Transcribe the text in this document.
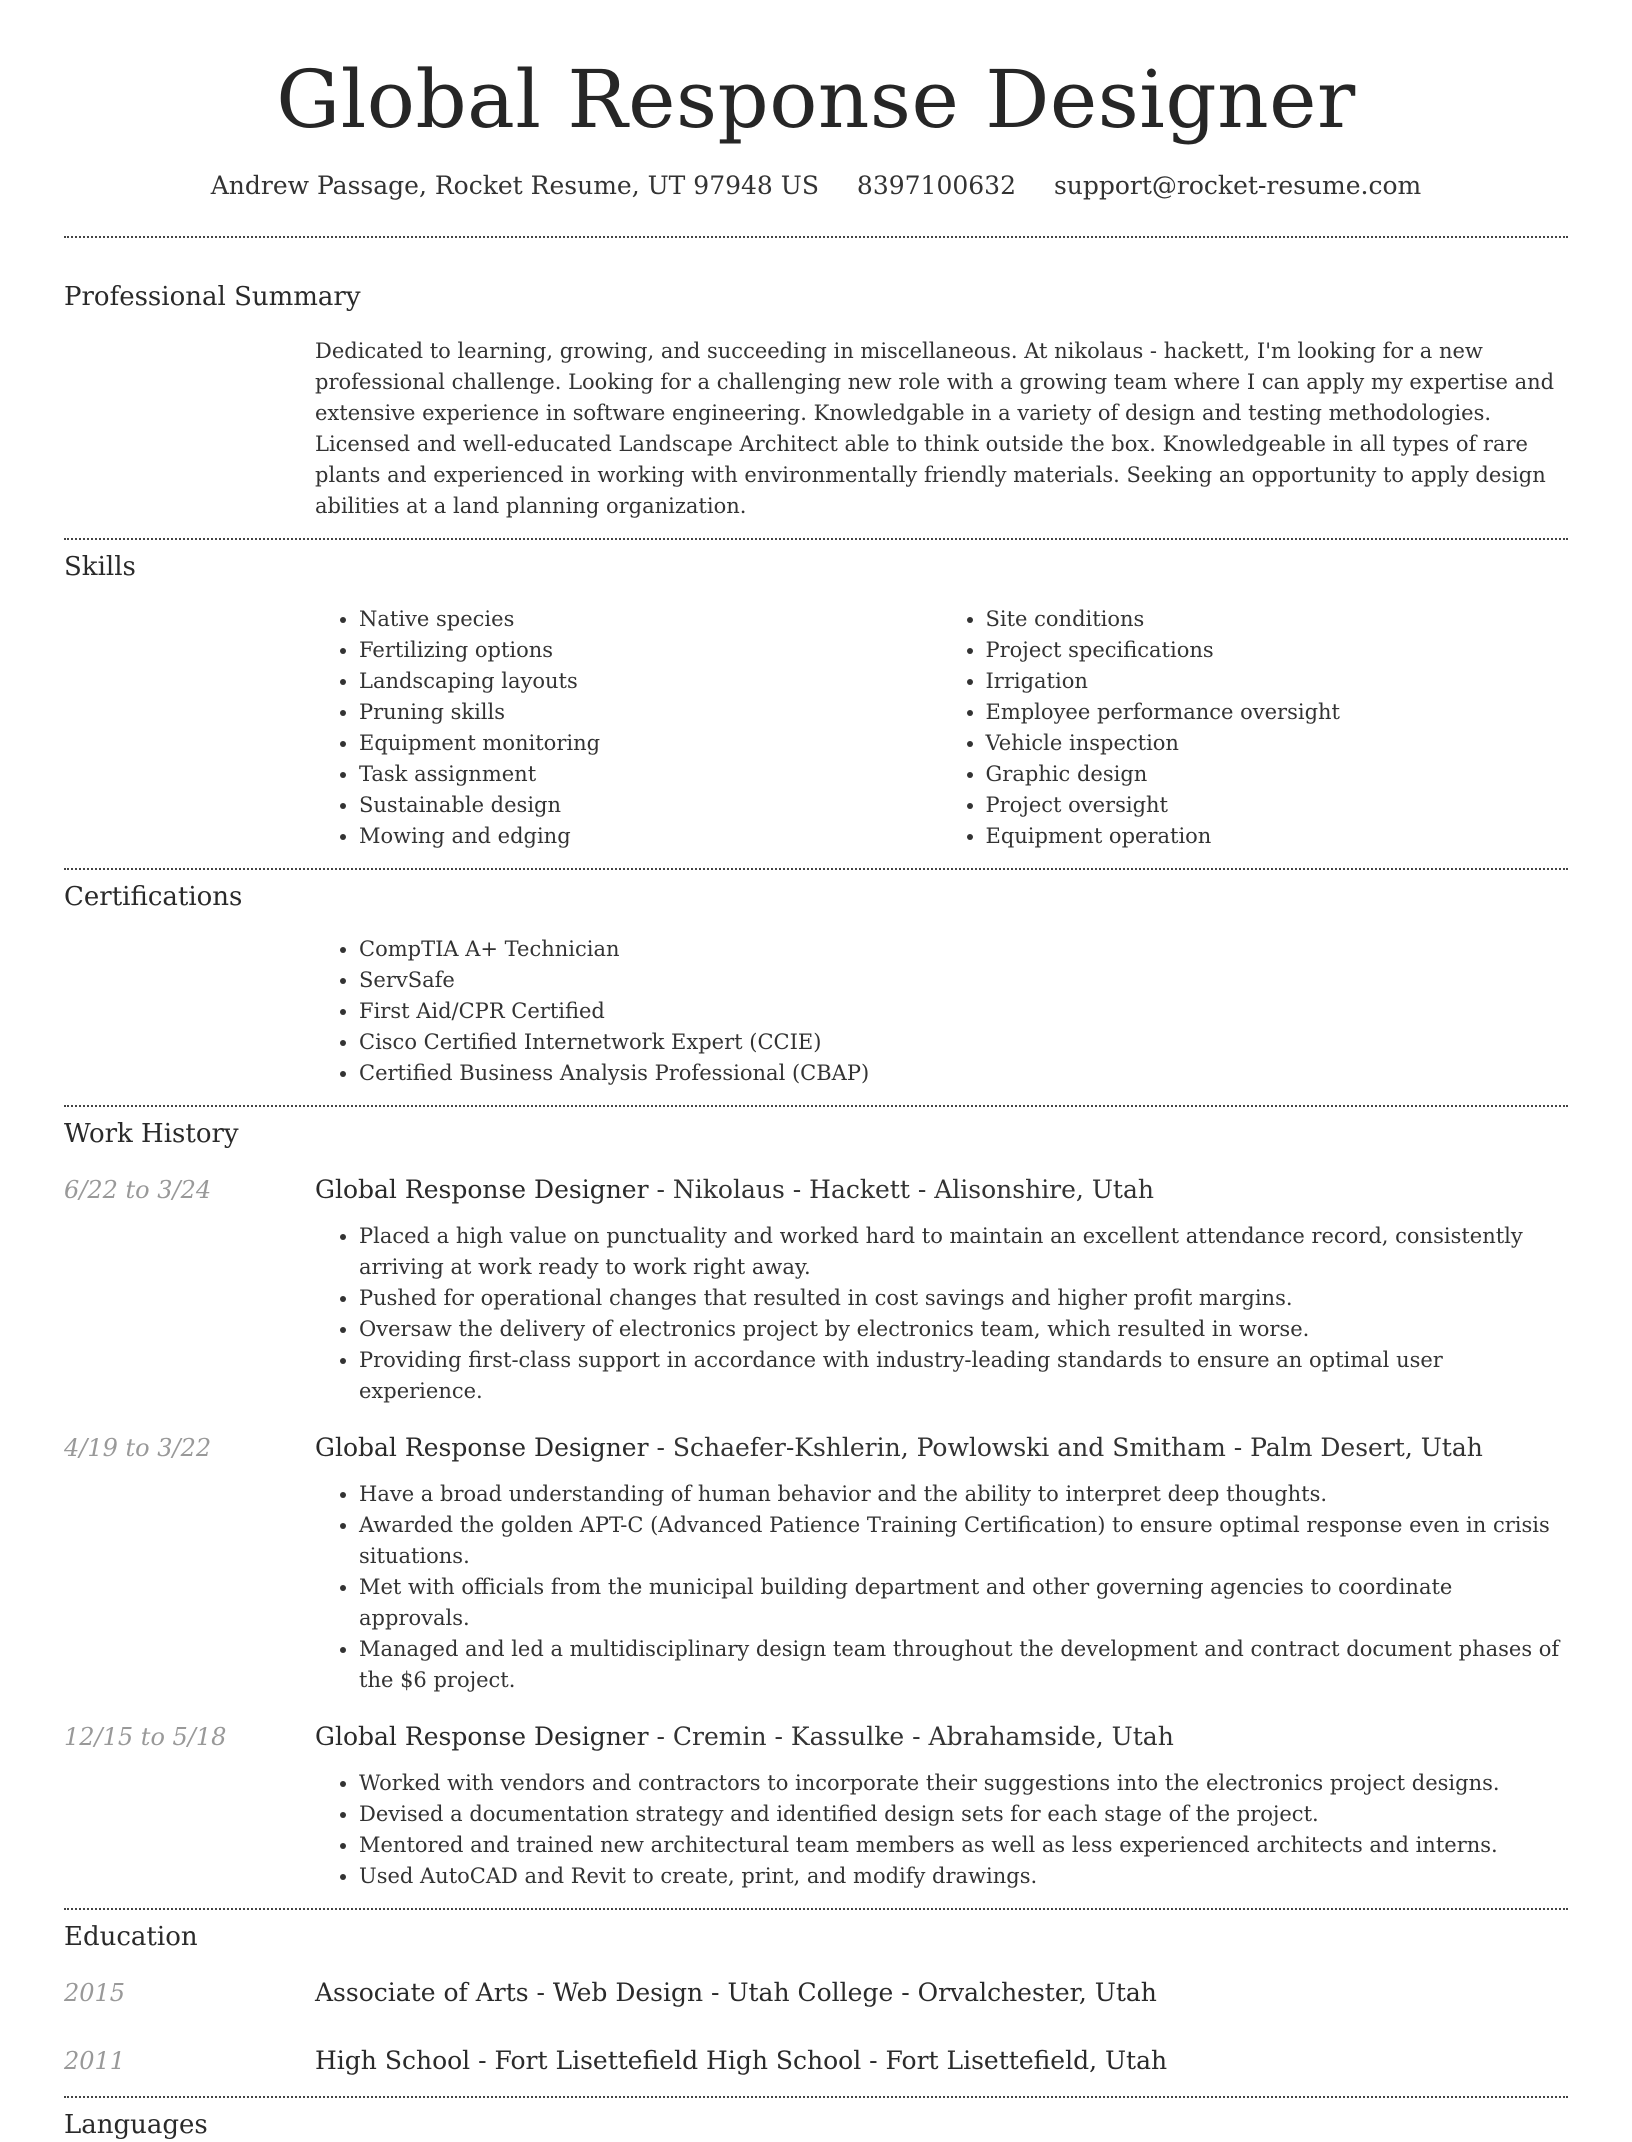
Global Response Designer
Andrew Passage, Rocket Resume, UT 97948 US 8397100632 support@rocket-resume.com
Professional Summary
Dedicated to learning, growing, and succeeding in miscellaneous. At nikolaus - hackett, I'm looking for a new professional challenge. Looking for a challenging new role with a growing team where I can apply my expertise and extensive experience in software engineering. Knowledgable in a variety of design and testing methodologies. Licensed and well-educated Landscape Architect able to think outside the box. Knowledgeable in all types of rare plants and experienced in working with environmentally friendly materials. Seeking an opportunity to apply design abilities at a land planning organization.
Skills
• Native species
• Fertilizing options
• Landscaping layouts
• Pruning skills
• Equipment monitoring
• Task assignment
• Sustainable design
• Mowing and edging
• Site conditions
• Project specifications
• Irrigation
• Employee performance oversight
• Vehicle inspection
• Graphic design
• Project oversight
• Equipment operation
Certifications
• CompTIA A+ Technician
• ServSafe
• First Aid/CPR Certified
• Cisco Certified Internetwork Expert (CCIE)
• Certified Business Analysis Professional (CBAP)
Work History
6/22 to 3/24	Global Response Designer - Nikolaus - Hackett - Alisonshire, Utah
• Placed a high value on punctuality and worked hard to maintain an excellent attendance record, consistently arriving at work ready to work right away.
• Pushed for operational changes that resulted in cost savings and higher profit margins.
• Oversaw the delivery of electronics project by electronics team, which resulted in worse.
• Providing first-class support in accordance with industry-leading standards to ensure an optimal user experience.
4/19 to 3/22	Global Response Designer - Schaefer-Kshlerin, Powlowski and Smitham - Palm Desert, Utah
• Have a broad understanding of human behavior and the ability to interpret deep thoughts.
• Awarded the golden APT-C (Advanced Patience Training Certification) to ensure optimal response even in crisis situations.
• Met with officials from the municipal building department and other governing agencies to coordinate approvals.
• Managed and led a multidisciplinary design team throughout the development and contract document phases of the $6 project.
12/15 to 5/18	Global Response Designer - Cremin - Kassulke - Abrahamside, Utah
• Worked with vendors and contractors to incorporate their suggestions into the electronics project designs.
• Devised a documentation strategy and identified design sets for each stage of the project.
• Mentored and trained new architectural team members as well as less experienced architects and interns.
• Used AutoCAD and Revit to create, print, and modify drawings.
Education
2015	Associate of Arts - Web Design - Utah College - Orvalchester, Utah
2011	High School - Fort Lisettefield High School - Fort Lisettefield, Utah
Languages
